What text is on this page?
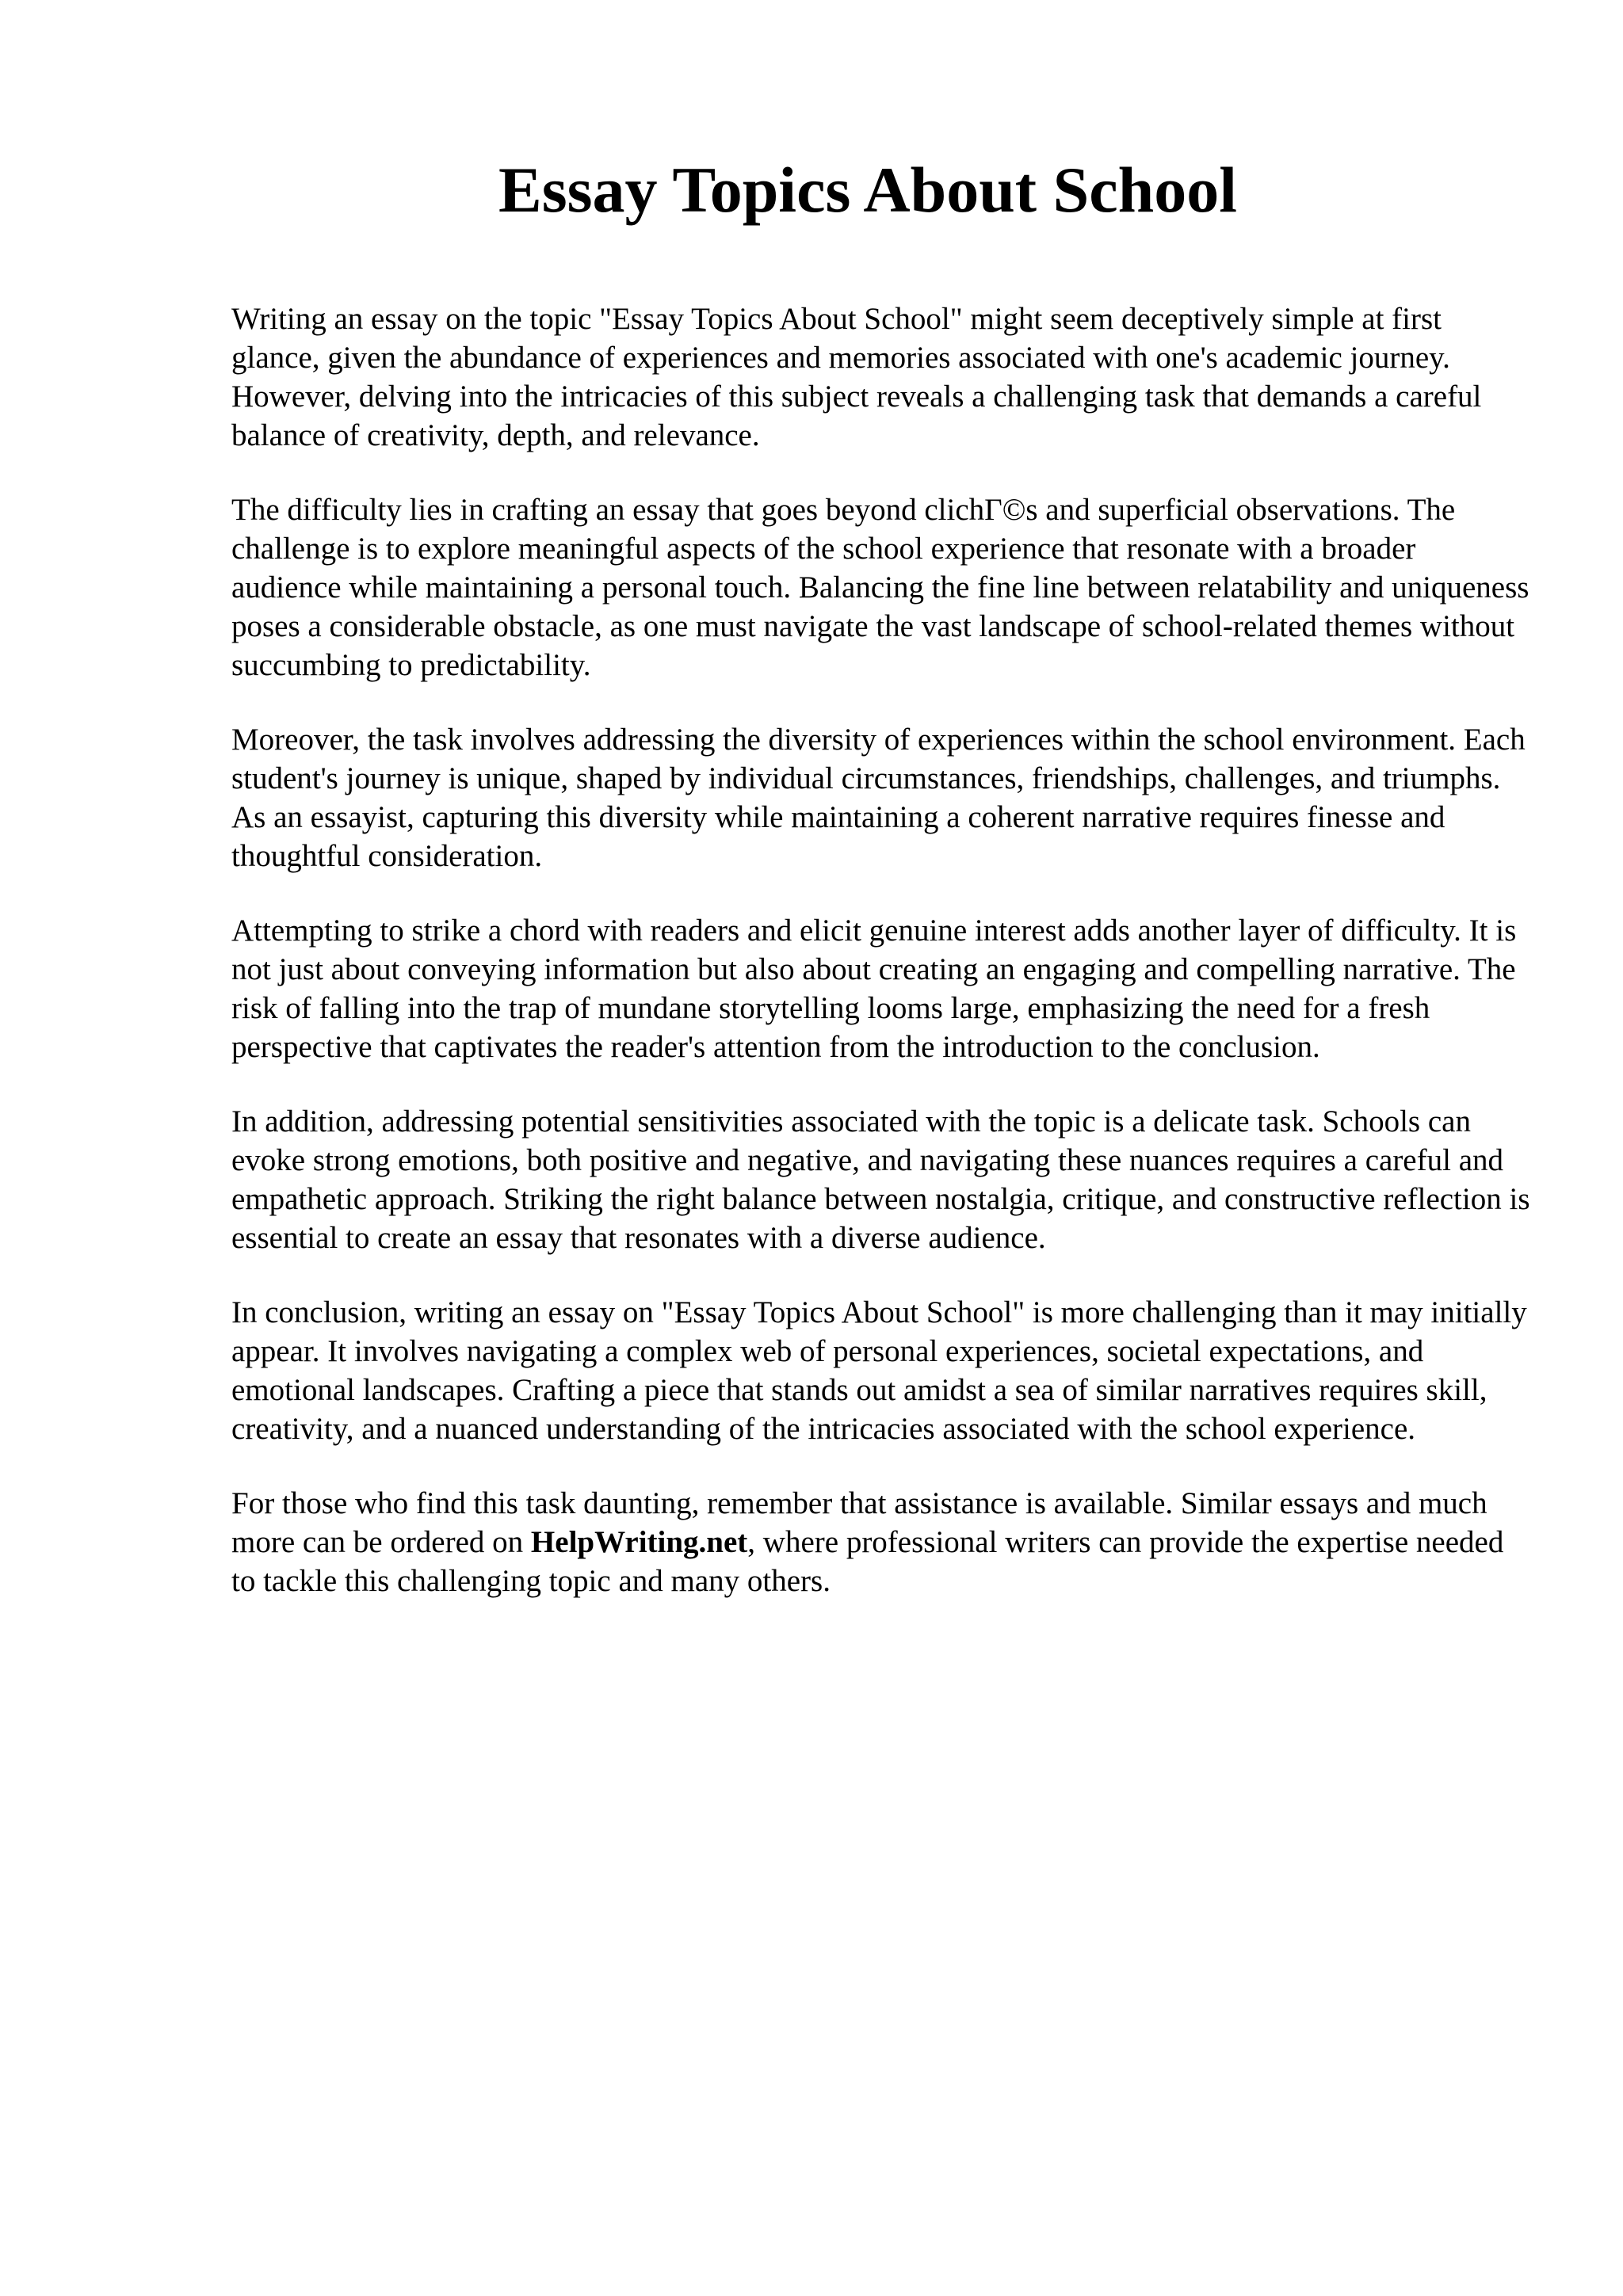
Essay Topics About School

Writing an essay on the topic "Essay Topics About School" might seem deceptively simple at first glance, given the abundance of experiences and memories associated with one's academic journey. However, delving into the intricacies of this subject reveals a challenging task that demands a careful balance of creativity, depth, and relevance.

The difficulty lies in crafting an essay that goes beyond clichΓ©s and superficial observations. The challenge is to explore meaningful aspects of the school experience that resonate with a broader audience while maintaining a personal touch. Balancing the fine line between relatability and uniqueness poses a considerable obstacle, as one must navigate the vast landscape of school-related themes without succumbing to predictability.

Moreover, the task involves addressing the diversity of experiences within the school environment. Each student's journey is unique, shaped by individual circumstances, friendships, challenges, and triumphs. As an essayist, capturing this diversity while maintaining a coherent narrative requires finesse and thoughtful consideration.

Attempting to strike a chord with readers and elicit genuine interest adds another layer of difficulty. It is not just about conveying information but also about creating an engaging and compelling narrative. The risk of falling into the trap of mundane storytelling looms large, emphasizing the need for a fresh perspective that captivates the reader's attention from the introduction to the conclusion.

In addition, addressing potential sensitivities associated with the topic is a delicate task. Schools can evoke strong emotions, both positive and negative, and navigating these nuances requires a careful and empathetic approach. Striking the right balance between nostalgia, critique, and constructive reflection is essential to create an essay that resonates with a diverse audience.

In conclusion, writing an essay on "Essay Topics About School" is more challenging than it may initially appear. It involves navigating a complex web of personal experiences, societal expectations, and emotional landscapes. Crafting a piece that stands out amidst a sea of similar narratives requires skill, creativity, and a nuanced understanding of the intricacies associated with the school experience.

For those who find this task daunting, remember that assistance is available. Similar essays and much more can be ordered on HelpWriting.net, where professional writers can provide the expertise needed to tackle this challenging topic and many others.
